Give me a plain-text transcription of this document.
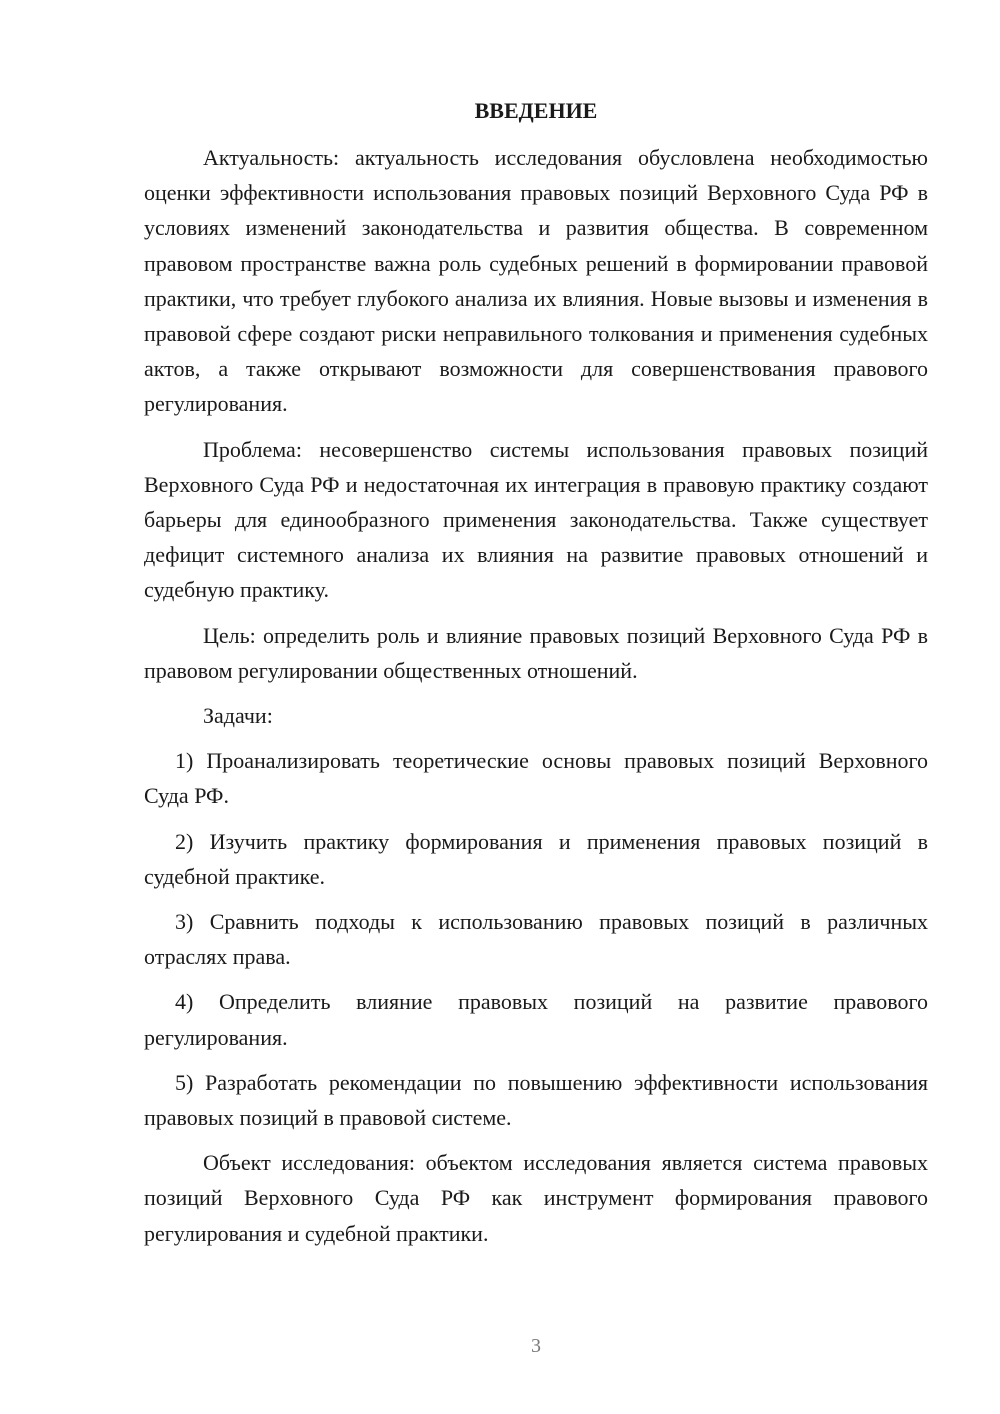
ВВЕДЕНИЕ

Актуальность: актуальность исследования обусловлена необходимостью оценки эффективности использования правовых позиций Верховного Суда РФ в условиях изменений законодательства и развития общества. В современном правовом пространстве важна роль судебных решений в формировании правовой практики, что требует глубокого анализа их влияния. Новые вызовы и изменения в правовой сфере создают риски неправильного толкования и применения судебных актов, а также открывают возможности для совершенствования правового регулирования.

Проблема: несовершенство системы использования правовых позиций Верховного Суда РФ и недостаточная их интеграция в правовую практику создают барьеры для единообразного применения законодательства. Также существует дефицит системного анализа их влияния на развитие правовых отношений и судебную практику.

Цель: определить роль и влияние правовых позиций Верховного Суда РФ в правовом регулировании общественных отношений.

Задачи:

1) Проанализировать теоретические основы правовых позиций Верховного Суда РФ.

2) Изучить практику формирования и применения правовых позиций в судебной практике.

3) Сравнить подходы к использованию правовых позиций в различных отраслях права.

4) Определить влияние правовых позиций на развитие правового регулирования.

5) Разработать рекомендации по повышению эффективности использования правовых позиций в правовой системе.

Объект исследования: объектом исследования является система правовых позиций Верховного Суда РФ как инструмент формирования правового регулирования и судебной практики.

3
